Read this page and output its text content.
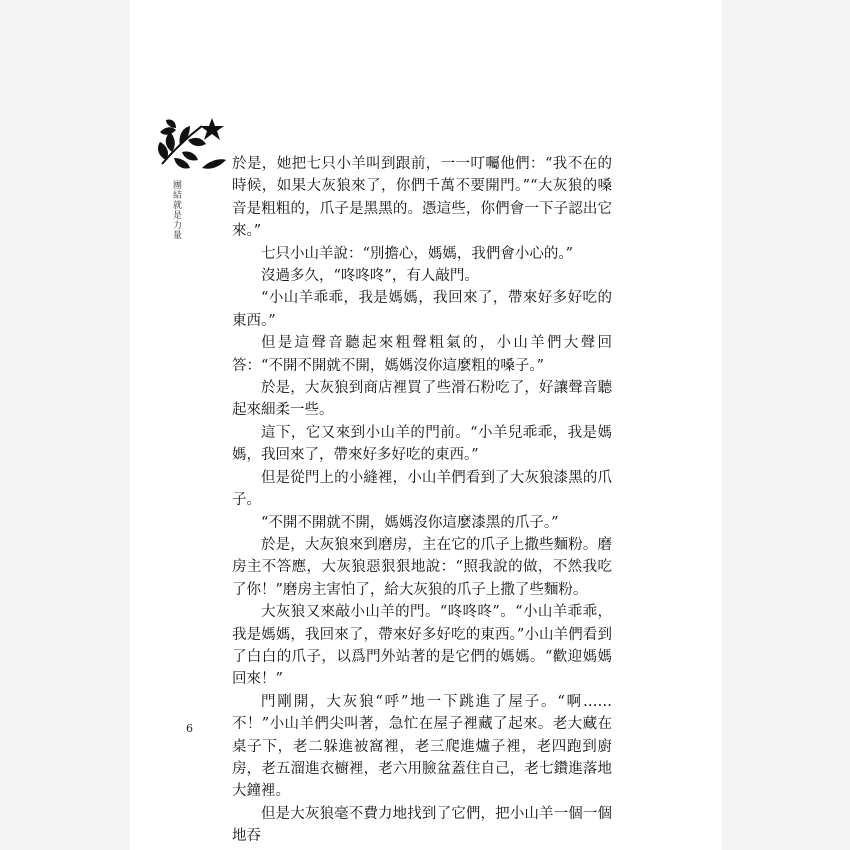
團結就是力量
6

於是，她把七只小羊叫到跟前，一一叮囑他們：“我不在的時候，如果大灰狼來了，你們千萬不要開門。”“大灰狼的嗓音是粗粗的，爪子是黑黑的。憑這些，你們會一下子認出它來。”

七只小山羊說：“別擔心，媽媽，我們會小心的。”

沒過多久，“咚咚咚”，有人敲門。

“小山羊乖乖，我是媽媽，我回來了，帶來好多好吃的東西。”

但是這聲音聽起來粗聲粗氣的，小山羊們大聲回答：“不開不開就不開，媽媽沒你這麼粗的嗓子。”

於是，大灰狼到商店裡買了些滑石粉吃了，好讓聲音聽起來細柔一些。

這下，它又來到小山羊的門前。“小羊兒乖乖，我是媽媽，我回來了，帶來好多好吃的東西。”

但是從門上的小縫裡，小山羊們看到了大灰狼漆黑的爪子。

“不開不開就不開，媽媽沒你這麼漆黑的爪子。”

於是，大灰狼來到磨房，主在它的爪子上撒些麵粉。磨房主不答應，大灰狼惡狠狠地說：“照我說的做，不然我吃了你！”磨房主害怕了，給大灰狼的爪子上撒了些麵粉。

大灰狼又來敲小山羊的門。“咚咚咚”。“小山羊乖乖，我是媽媽，我回來了，帶來好多好吃的東西。”小山羊們看到了白白的爪子，以爲門外站著的是它們的媽媽。“歡迎媽媽回來！”

門剛開，大灰狼“呼”地一下跳進了屋子。“啊……不！”小山羊們尖叫著，急忙在屋子裡藏了起來。老大藏在桌子下，老二躲進被窩裡，老三爬進爐子裡，老四跑到廚房，老五溜進衣櫥裡，老六用臉盆蓋住自己，老七鑽進落地大鐘裡。

但是大灰狼毫不費力地找到了它們，把小山羊一個一個地吞
